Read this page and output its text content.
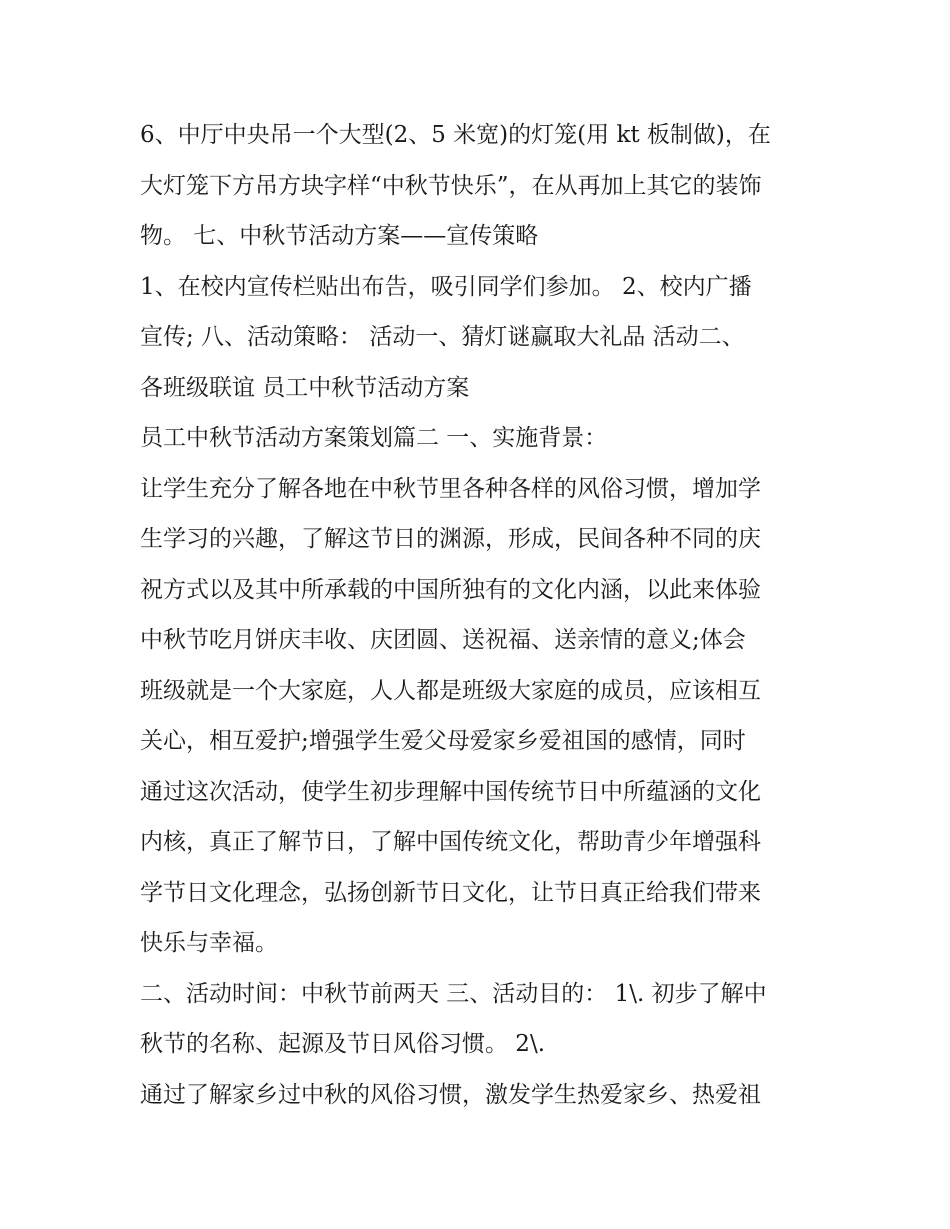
6、中厅中央吊一个大型(2、5 米宽)的灯笼(用 kt 板制做)，在
大灯笼下方吊方块字样“中秋节快乐”，在从再加上其它的装饰
物。 七、中秋节活动方案——宣传策略
1、在校内宣传栏贴出布告，吸引同学们参加。 2、校内广播
宣传; 八、活动策略： 活动一、猜灯谜赢取大礼品 活动二、
各班级联谊 员工中秋节活动方案
员工中秋节活动方案策划篇二 一、实施背景：
让学生充分了解各地在中秋节里各种各样的风俗习惯，增加学
生学习的兴趣，了解这节日的渊源，形成，民间各种不同的庆
祝方式以及其中所承载的中国所独有的文化内涵，以此来体验
中秋节吃月饼庆丰收、庆团圆、送祝福、送亲情的意义;体会
班级就是一个大家庭，人人都是班级大家庭的成员，应该相互
关心，相互爱护;增强学生爱父母爱家乡爱祖国的感情，同时
通过这次活动，使学生初步理解中国传统节日中所蕴涵的文化
内核，真正了解节日，了解中国传统文化，帮助青少年增强科
学节日文化理念，弘扬创新节日文化，让节日真正给我们带来
快乐与幸福。
二、活动时间：中秋节前两天 三、活动目的： 1\. 初步了解中
秋节的名称、起源及节日风俗习惯。 2\.
通过了解家乡过中秋的风俗习惯，激发学生热爱家乡、热爱祖
